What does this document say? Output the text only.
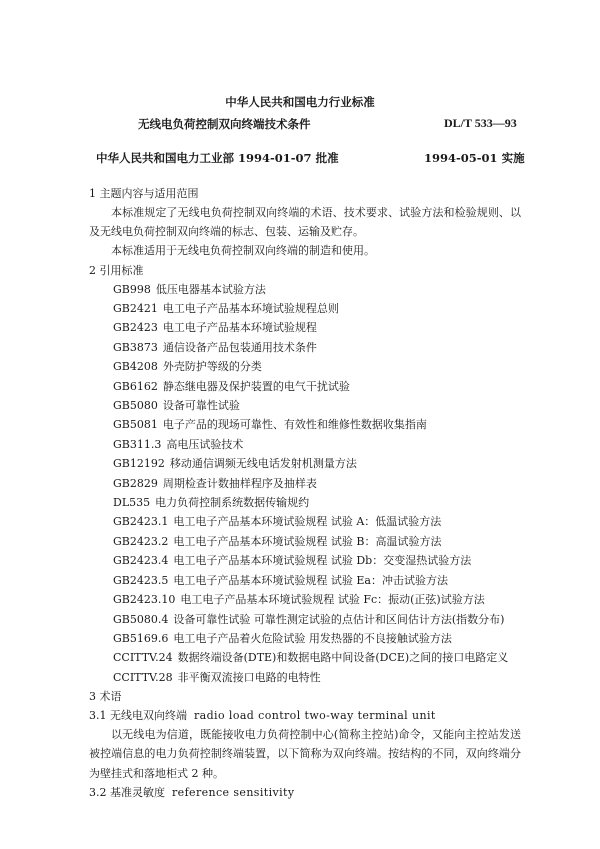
中华人民共和国电力行业标准
无线电负荷控制双向终端技术条件	DL/T 533—93
中华人民共和国电力工业部 1994-01-07 批准	1994-05-01 实施
1 主题内容与适用范围
本标准规定了无线电负荷控制双向终端的术语、技术要求、试验方法和检验规则、以及无线电负荷控制双向终端的标志、包装、运输及贮存。
本标准适用于无线电负荷控制双向终端的制造和使用。
2 引用标准
GB998 低压电器基本试验方法
GB2421 电工电子产品基本环境试验规程总则
GB2423 电工电子产品基本环境试验规程
GB3873 通信设备产品包装通用技术条件
GB4208 外壳防护等级的分类
GB6162 静态继电器及保护装置的电气干扰试验
GB5080 设备可靠性试验
GB5081 电子产品的现场可靠性、有效性和维修性数据收集指南
GB311.3 高电压试验技术
GB12192 移动通信调频无线电话发射机测量方法
GB2829 周期检查计数抽样程序及抽样表
DL535 电力负荷控制系统数据传输规约
GB2423.1 电工电子产品基本环境试验规程 试验 A：低温试验方法
GB2423.2 电工电子产品基本环境试验规程 试验 B：高温试验方法
GB2423.4 电工电子产品基本环境试验规程 试验 Db：交变湿热试验方法
GB2423.5 电工电子产品基本环境试验规程 试验 Ea：冲击试验方法
GB2423.10 电工电子产品基本环境试验规程 试验 Fc：振动(正弦)试验方法
GB5080.4 设备可靠性试验 可靠性测定试验的点估计和区间估计方法(指数分布)
GB5169.6 电工电子产品着火危险试验 用发热器的不良接触试验方法
CCITTV.24 数据终端设备(DTE)和数据电路中间设备(DCE)之间的接口电路定义
CCITTV.28 非平衡双流接口电路的电特性
3 术语
3.1 无线电双向终端 radio load control two-way terminal unit
以无线电为信道，既能接收电力负荷控制中心(简称主控站)命令，又能向主控站发送被控端信息的电力负荷控制终端装置，以下简称为双向终端。按结构的不同，双向终端分为壁挂式和落地柜式 2 种。
3.2 基准灵敏度 reference sensitivity
